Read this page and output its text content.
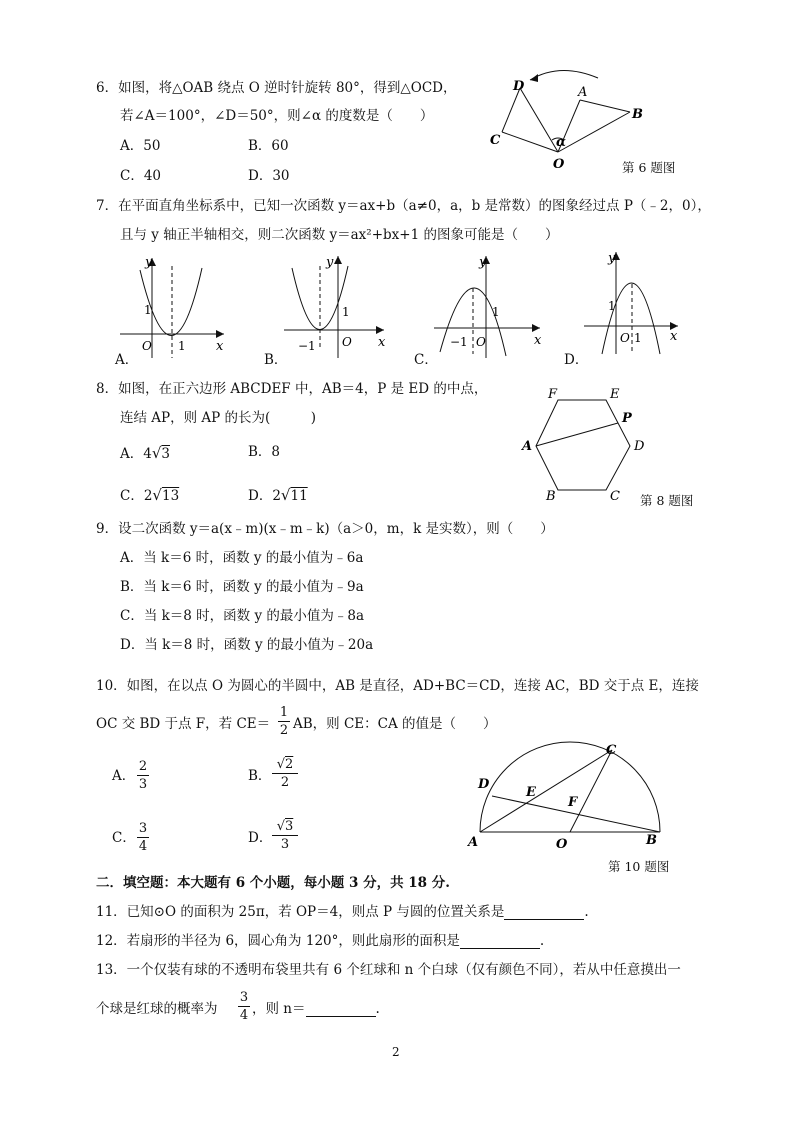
6．如图，将△OAB 绕点 O 逆时针旋转 80°，得到△OCD，
若∠A＝100°，∠D＝50°，则∠α 的度数是（　　）
A．50	B．60
C．40	D．30
D	A
B
C
O
α
第 6 题图
7．在平面直角坐标系中，已知一次函数 y＝ax+b（a≠0，a，b 是常数）的图象经过点 P（﹣2，0），
且与 y 轴正半轴相交，则二次函数 y＝ax²+bx+1 的图象可能是（　　）
y
x
O
1
1
A．
y
x
O
1
−1
B．
y
x
O
1
−1
C．
y
x
O
1
1
D．
8．如图，在正六边形 ABCDEF 中，AB＝4，P 是 ED 的中点，
连结 AP，则 AP 的长为(　　　)
A．4√3	B．8
C．2√13	D．2√11
F	E
P
A	D
B	C 第 8 题图
9．设二次函数 y＝a(x﹣m)(x﹣m﹣k)（a＞0，m，k 是实数），则（　　）
A．当 k＝6 时，函数 y 的最小值为﹣6a
B．当 k＝6 时，函数 y 的最小值为﹣9a
C．当 k＝8 时，函数 y 的最小值为﹣8a
D．当 k＝8 时，函数 y 的最小值为﹣20a
10．如图，在以点 O 为圆心的半圆中，AB 是直径，AD+BC＝CD，连接 AC，BD 交于点 E，连接
OC 交 BD 于点 F，若 CE＝
1
2 AB，则 CE：CA 的值是（　　）
A．
2
3
B．
√2
2
C．
3
4
D．
√3
3
C
D
E
F
A	O	B
第 10 题图
二．填空题：本大题有 6 个小题，每小题 3 分，共 18 分.
11．已知⊙O 的面积为 25π，若 OP＝4，则点 P 与圆的位置关系是	.
12．若扇形的半径为 6，圆心角为 120°，则此扇形的面积是	.
13．一个仅装有球的不透明布袋里共有 6 个红球和 n 个白球（仅有颜色不同），若从中任意摸出一
个球是红球的概率为
3
4 ，则 n＝	.
2
